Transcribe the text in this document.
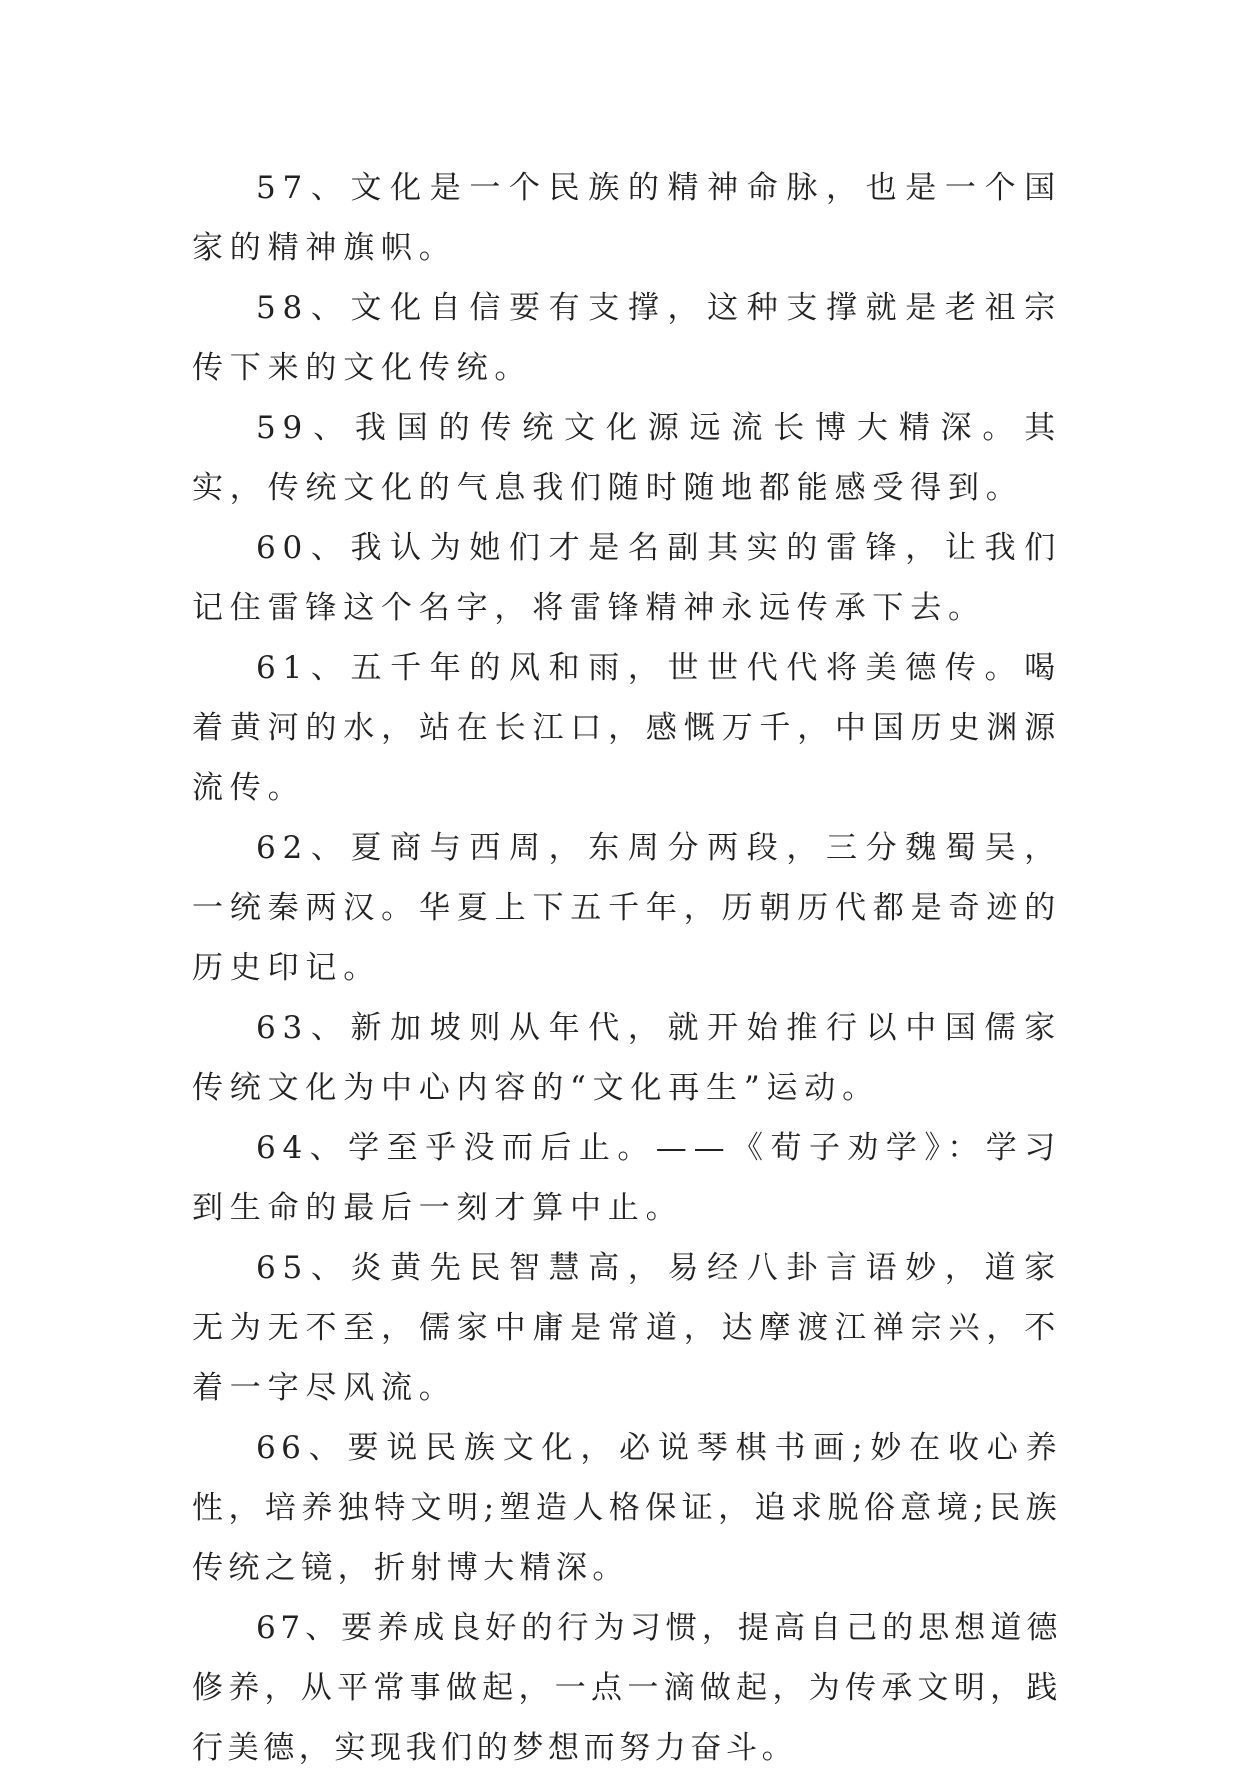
57、文化是一个民族的精神命脉，也是一个国家的精神旗帜。

58、文化自信要有支撑，这种支撑就是老祖宗传下来的文化传统。

59、我国的传统文化源远流长博大精深。其实，传统文化的气息我们随时随地都能感受得到。

60、我认为她们才是名副其实的雷锋，让我们记住雷锋这个名字，将雷锋精神永远传承下去。

61、五千年的风和雨，世世代代将美德传。喝着黄河的水，站在长江口，感慨万千，中国历史渊源流传。

62、夏商与西周，东周分两段，三分魏蜀吴，一统秦两汉。华夏上下五千年，历朝历代都是奇迹的历史印记。

63、新加坡则从年代，就开始推行以中国儒家传统文化为中心内容的“文化再生”运动。

64、学至乎没而后止。——《荀子劝学》：学习到生命的最后一刻才算中止。

65、炎黄先民智慧高，易经八卦言语妙，道家无为无不至，儒家中庸是常道，达摩渡江禅宗兴，不着一字尽风流。

66、要说民族文化，必说琴棋书画;妙在收心养性，培养独特文明;塑造人格保证，追求脱俗意境;民族传统之镜，折射博大精深。

67、要养成良好的行为习惯，提高自己的思想道德修养，从平常事做起，一点一滴做起，为传承文明，践行美德，实现我们的梦想而努力奋斗。
